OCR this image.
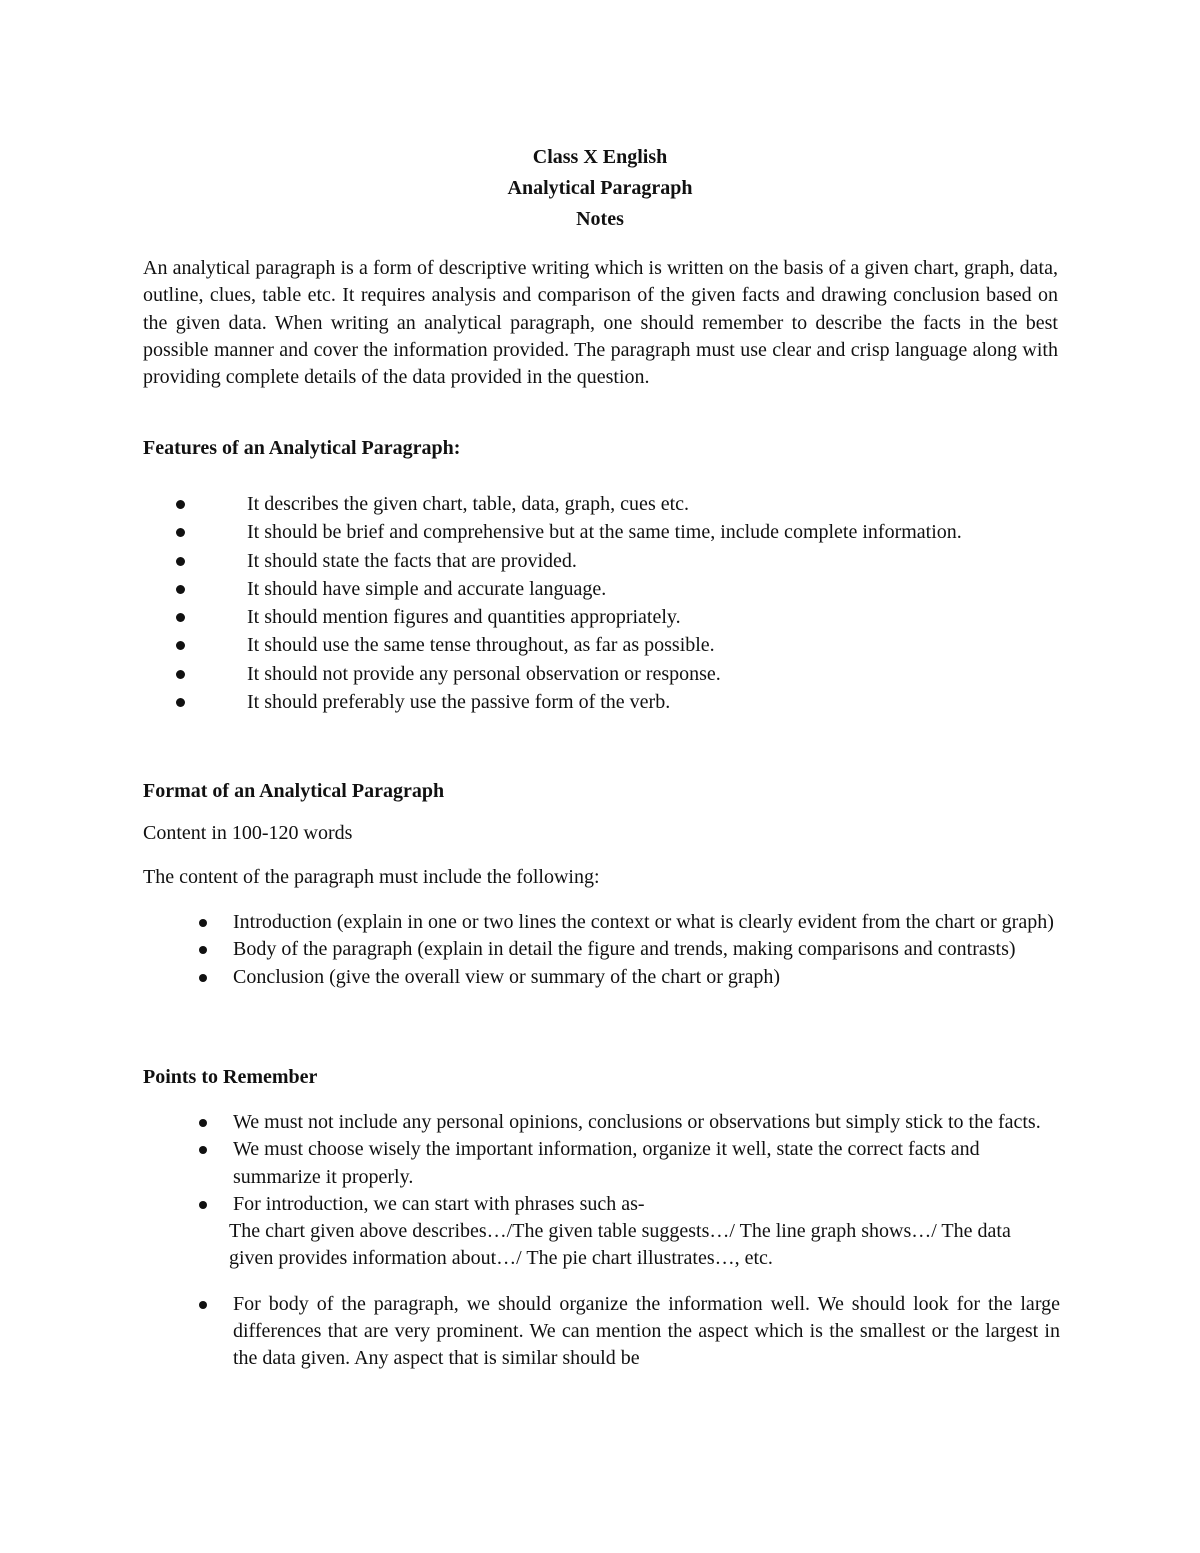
Class X English
Analytical Paragraph
Notes

An analytical paragraph is a form of descriptive writing which is written on the basis of a given chart, graph, data, outline, clues, table etc. It requires analysis and comparison of the given facts and drawing conclusion based on the given data. When writing an analytical paragraph, one should remember to describe the facts in the best possible manner and cover the information provided. The paragraph must use clear and crisp language along with providing complete details of the data provided in the question.

Features of an Analytical Paragraph:

It describes the given chart, table, data, graph, cues etc.
It should be brief and comprehensive but at the same time, include complete information.
It should state the facts that are provided.
It should have simple and accurate language.
It should mention figures and quantities appropriately.
It should use the same tense throughout, as far as possible.
It should not provide any personal observation or response.
It should preferably use the passive form of the verb.

Format of an Analytical Paragraph

Content in 100-120 words

The content of the paragraph must include the following:

Introduction (explain in one or two lines the context or what is clearly evident from the chart or graph)
Body of the paragraph (explain in detail the figure and trends, making comparisons and contrasts)
Conclusion (give the overall view or summary of the chart or graph)

Points to Remember

We must not include any personal opinions, conclusions or observations but simply stick to the facts.
We must choose wisely the important information, organize it well, state the correct facts and summarize it properly.
For introduction, we can start with phrases such as-
The chart given above describes…/The given table suggests…/ The line graph shows…/ The data given provides information about…/ The pie chart illustrates…, etc.
For body of the paragraph, we should organize the information well. We should look for the large differences that are very prominent. We can mention the aspect which is the smallest or the largest in the data given. Any aspect that is similar should be
